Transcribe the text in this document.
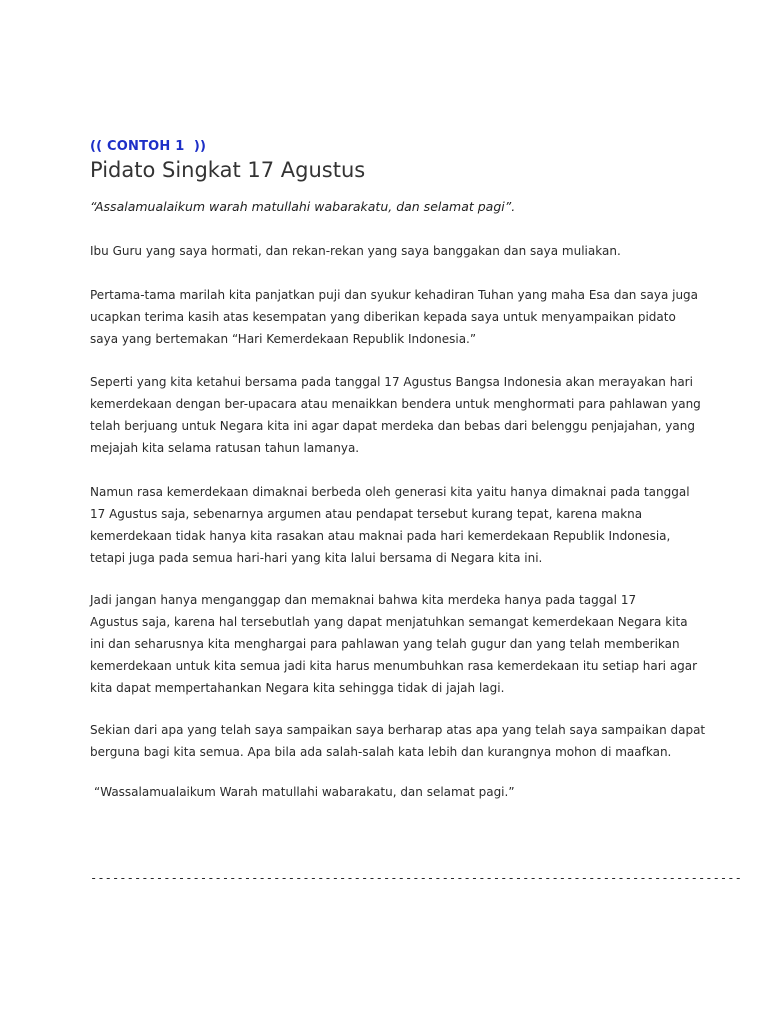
(( CONTOH 1  ))
Pidato Singkat 17 Agustus
“Assalamualaikum warah matullahi wabarakatu, dan selamat pagi”.

Ibu Guru yang saya hormati, dan rekan-rekan yang saya banggakan dan saya muliakan.

Pertama-tama marilah kita panjatkan puji dan syukur kehadiran Tuhan yang maha Esa dan saya juga
ucapkan terima kasih atas kesempatan yang diberikan kepada saya untuk menyampaikan pidato
saya yang bertemakan “Hari Kemerdekaan Republik Indonesia.”

Seperti yang kita ketahui bersama pada tanggal 17 Agustus Bangsa Indonesia akan merayakan hari
kemerdekaan dengan ber-upacara atau menaikkan bendera untuk menghormati para pahlawan yang
telah berjuang untuk Negara kita ini agar dapat merdeka dan bebas dari belenggu penjajahan, yang
mejajah kita selama ratusan tahun lamanya.

Namun rasa kemerdekaan dimaknai berbeda oleh generasi kita yaitu hanya dimaknai pada tanggal
17 Agustus saja, sebenarnya argumen atau pendapat tersebut kurang tepat, karena makna
kemerdekaan tidak hanya kita rasakan atau maknai pada hari kemerdekaan Republik Indonesia,
tetapi juga pada semua hari-hari yang kita lalui bersama di Negara kita ini.

Jadi jangan hanya menganggap dan memaknai bahwa kita merdeka hanya pada taggal 17
Agustus saja, karena hal tersebutlah yang dapat menjatuhkan semangat kemerdekaan Negara kita
ini dan seharusnya kita menghargai para pahlawan yang telah gugur dan yang telah memberikan
kemerdekaan untuk kita semua jadi kita harus menumbuhkan rasa kemerdekaan itu setiap hari agar
kita dapat mempertahankan Negara kita sehingga tidak di jajah lagi.

Sekian dari apa yang telah saya sampaikan saya berharap atas apa yang telah saya sampaikan dapat
berguna bagi kita semua. Apa bila ada salah-salah kata lebih dan kurangnya mohon di maafkan.

“Wassalamualaikum Warah matullahi wabarakatu, dan selamat pagi.”
-----------------------------------------------------------------------------------------
